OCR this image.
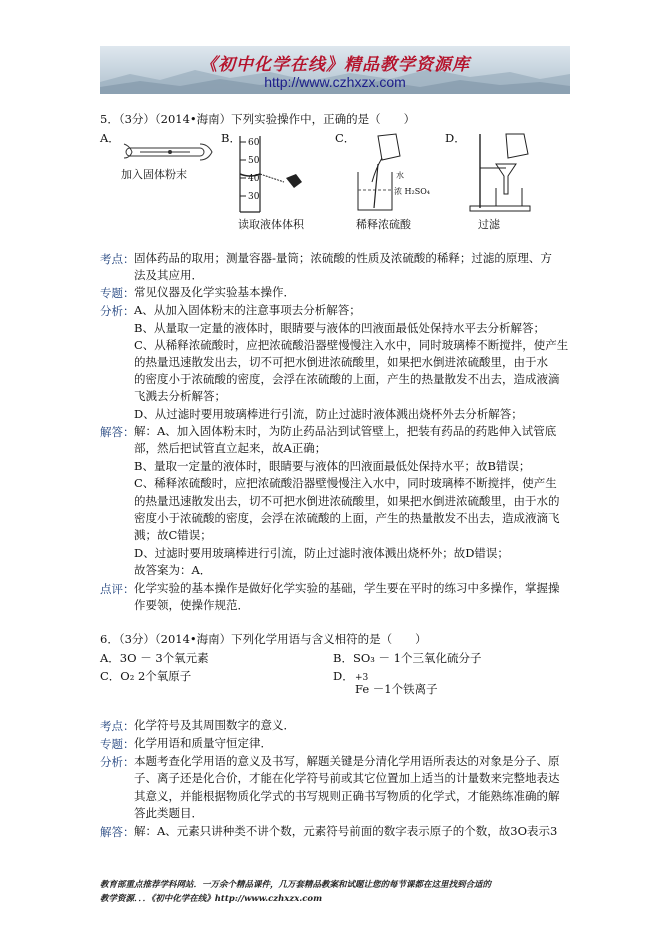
《初中化学在线》精品教学资源库
http://www.czhxzx.com
5．（3分）（2014•海南）下列实验操作中，正确的是（　　）
A．	B．	C．	D．
加入固体粉末
60
50
40
30
读取液体体积
水
浓 H₂SO₄
稀释浓硫酸	过滤
考点： 固体药品的取用；测量容器-量筒；浓硫酸的性质及浓硫酸的稀释；过滤的原理、方
法及其应用．
专题： 常见仪器及化学实验基本操作．
分析： A、从加入固体粉末的注意事项去分析解答；
B、从量取一定量的液体时，眼睛要与液体的凹液面最低处保持水平去分析解答；
C、从稀释浓硫酸时，应把浓硫酸沿器壁慢慢注入水中，同时玻璃棒不断搅拌，使产生
的热量迅速散发出去，切不可把水倒进浓硫酸里，如果把水倒进浓硫酸里，由于水
的密度小于浓硫酸的密度，会浮在浓硫酸的上面，产生的热量散发不出去，造成液滴
飞溅去分析解答；
D、从过滤时要用玻璃棒进行引流，防止过滤时液体溅出烧杯外去分析解答；
解答： 解：A、加入固体粉末时，为防止药品沾到试管壁上，把装有药品的药匙伸入试管底
部，然后把试管直立起来，故A正确；
B、量取一定量的液体时，眼睛要与液体的凹液面最低处保持水平；故B错误；
C、稀释浓硫酸时，应把浓硫酸沿器壁慢慢注入水中，同时玻璃棒不断搅拌，使产生
的热量迅速散发出去，切不可把水倒进浓硫酸里，如果把水倒进浓硫酸里，由于水的
密度小于浓硫酸的密度，会浮在浓硫酸的上面，产生的热量散发不出去，造成液滴飞
溅；故C错误；
D、过滤时要用玻璃棒进行引流，防止过滤时液体溅出烧杯外；故D错误；
故答案为：A．
点评： 化学实验的基本操作是做好化学实验的基础，学生要在平时的练习中多操作，掌握操
作要领，使操作规范．
6．（3分）（2014•海南）下列化学用语与含义相符的是（　　）
A．3O － 3个氧元素	B．SO₃ － 1个三氧化硫分子
C．O₂ 2个氧原子	D． +3
Fe －1个铁离子
考点： 化学符号及其周围数字的意义．
专题： 化学用语和质量守恒定律．
分析： 本题考查化学用语的意义及书写，解题关键是分清化学用语所表达的对象是分子、原
子、离子还是化合价，才能在化学符号前或其它位置加上适当的计量数来完整地表达
其意义，并能根据物质化学式的书写规则正确书写物质的化学式，才能熟练准确的解
答此类题目．
解答： 解：A、元素只讲种类不讲个数，元素符号前面的数字表示原子的个数，故3O表示3
教育部重点推荐学科网站．一万余个精品课件，几万套精品教案和试题让您的每节课都在这里找到合适的
教学资源．．．《初中化学在线》http://www.czhxzx.com
